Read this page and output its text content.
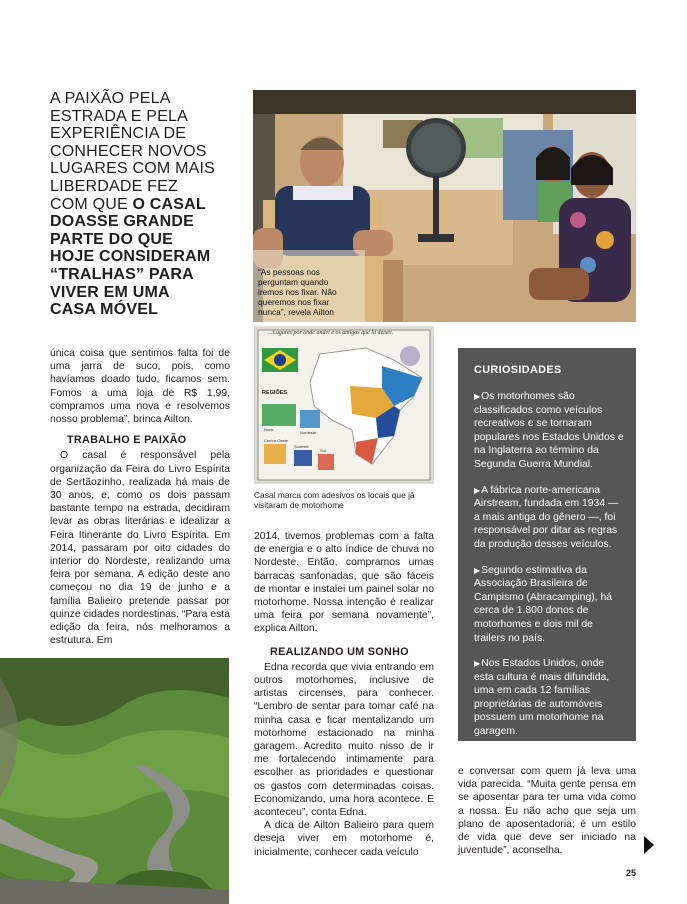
A PAIXÃO PELA
ESTRADA E PELA
EXPERIÊNCIA DE
CONHECER NOVOS
LUGARES COM MAIS
LIBERDADE FEZ
COM QUE O CASAL
DOASSE GRANDE
PARTE DO QUE
HOJE CONSIDERAM
“TRALHAS” PARA
VIVER EM UMA
CASA MÓVEL
“As pessoas nos perguntam quando iremos nos fixar. Não queremos nos fixar nunca”, revela Ailton
...Lugares por onde andei e os amigos que lá deixei.
REGIÕES
Norte
Nordeste
Centro-Oeste
Sudeste
Sul
Casal marca com adesivos os locais que já visitaram de motorhome

única coisa que sentimos falta foi de uma jarra de suco, pois, como havíamos doado tudo, ficamos sem. Fomos a uma loja de R$ 1,99, compramos uma nova e resolvemos nosso problema”, brinca Ailton.

TRABALHO E PAIXÃO

O casal é responsável pela organização da Feira do Livro Espírita de Sertãozinho, realizada há mais de 30 anos, e, como os dois passam bastante tempo na estrada, decidiram levar as obras literárias e idealizar a Feira Itinerante do Livro Espírita. Em 2014, passaram por oito cidades do interior do Nordeste, realizando uma feira por semana. A edição deste ano começou no dia 19 de junho e a família Balieiro pretende passar por quinze cidades nordestinas. “Para esta edição da feira, nós melhoramos a estrutura. Em

2014, tivemos problemas com a falta de energia e o alto índice de chuva no Nordeste. Então, compramos umas barracas sanfonadas, que são fáceis de montar e instalei um painel solar no motorhome. Nossa intenção é realizar uma feira por semana novamente”, explica Ailton.

REALIZANDO UM SONHO

Edna recorda que vivia entrando em outros motorhomes, inclusive de artistas circenses, para conhecer. “Lembro de sentar para tomar café na minha casa e ficar mentalizando um motorhome estacionado na minha garagem. Acredito muito nisso de ir me fortalecendo intimamente para escolher as prioridades e questionar os gastos com determinadas coisas. Economizando, uma hora acontece. E aconteceu”, conta Edna.

A dica de Ailton Balieiro para quem deseja viver em motorhome é, inicialmente, conhecer cada veículo

CURIOSIDADES
▶Os motorhomes são classificados como veículos recreativos e se tornaram populares nos Estados Unidos e na Inglaterra ao término da Segunda Guerra Mundial.
▶A fábrica norte-americana Airstream, fundada em 1934 — a mais antiga do gênero —, foi responsável por ditar as regras da produção desses veículos.
▶Segundo estimativa da Associação Brasileira de Campismo (Abracamping), há cerca de 1.800 donos de motorhomes e dois mil de trailers no país.
▶Nos Estados Unidos, onde esta cultura é mais difundida, uma em cada 12 famílias proprietárias de automóveis possuem um motorhome na garagem.

e conversar com quem já leva uma vida parecida. “Muita gente pensa em se aposentar para ter uma vida como a nossa. Eu não acho que seja um plano de aposentadoria; é um estilo de vida que deve ser iniciado na juventude”, aconselha.

25
